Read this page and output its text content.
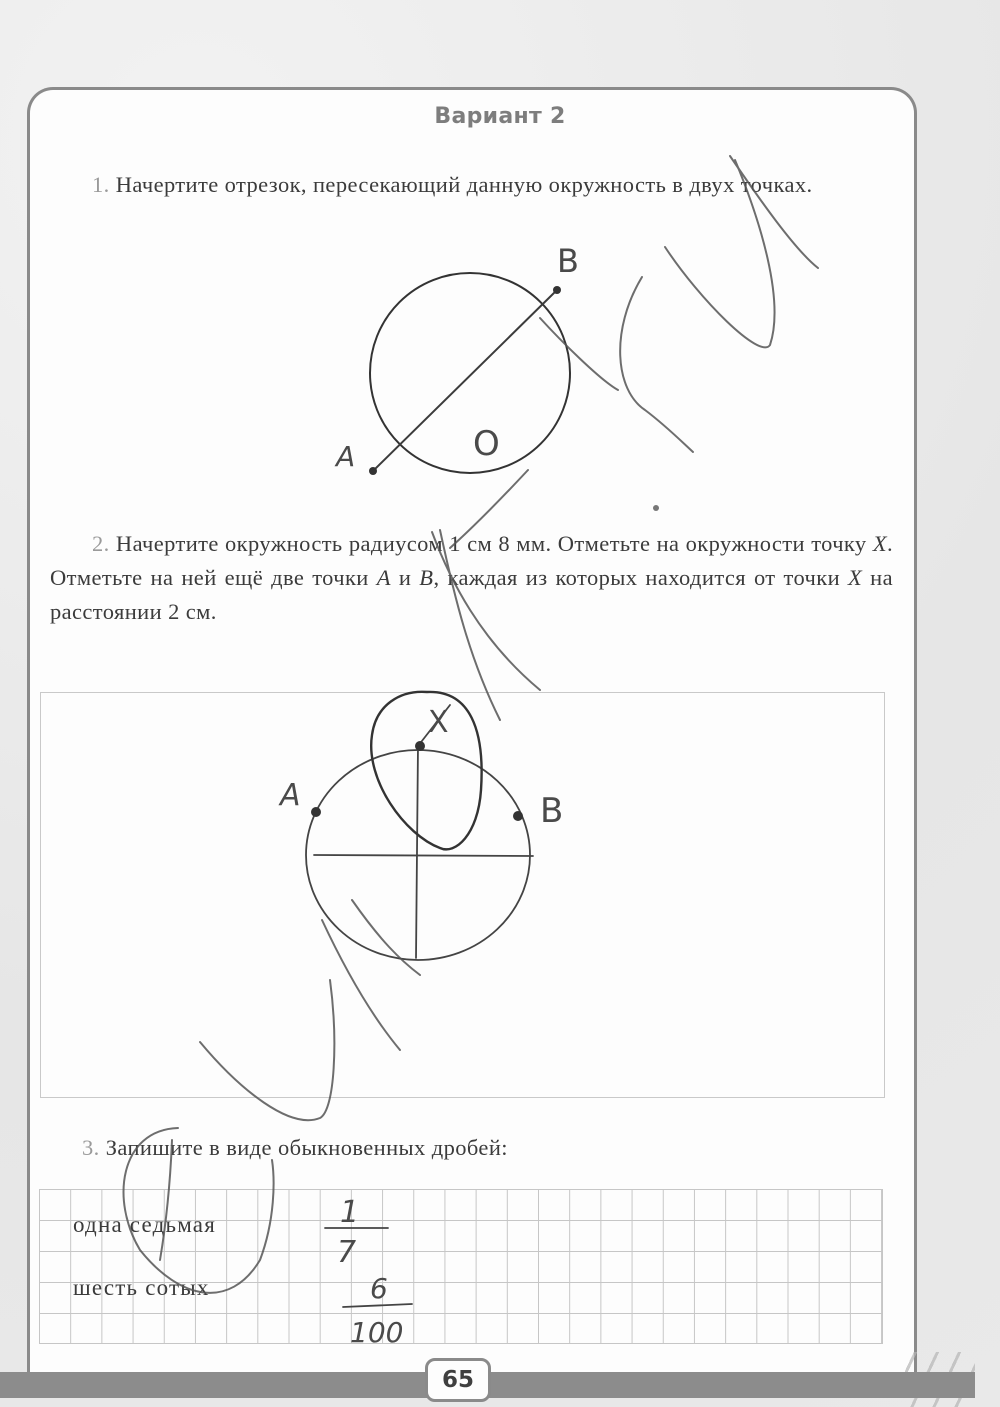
Вариант 2
1. Начертите отрезок, пересекающий данную окружность в двух точках.
2. Начертите окружность радиусом 1 см 8 мм. Отметьте на окружности точку X. Отметьте на ней ещё две точки A и B, каждая из которых находится от точки X на расстоянии 2 см.
3. Запишите в виде обыкновенных дробей:
одна седьмая
шесть сотых
A
B
O
X
A	B
1
7
6
100
65
